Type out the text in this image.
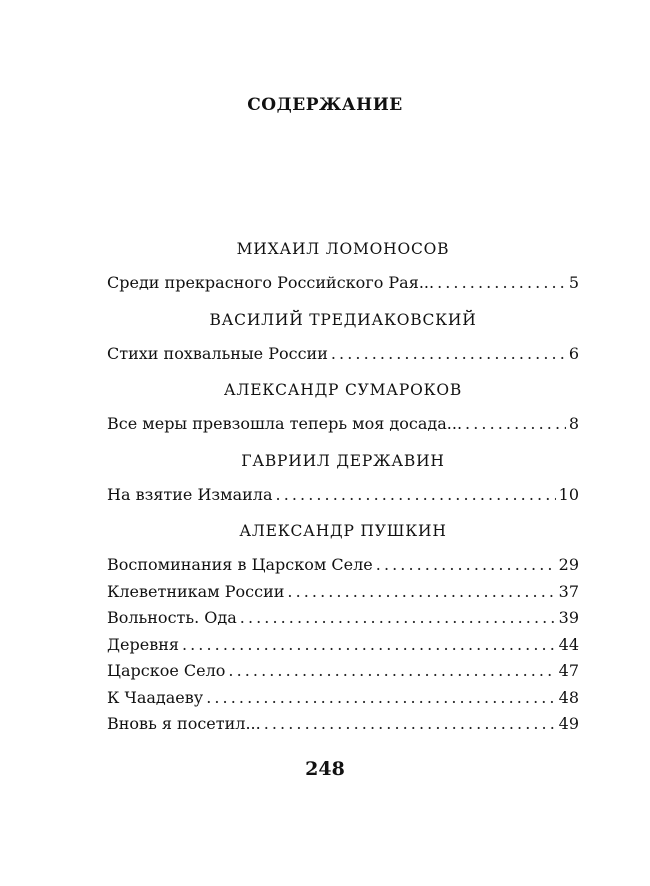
СОДЕРЖАНИЕ
МИХАИЛ ЛОМОНОСОВ
Среди прекрасного Российского Рая... . . .	5
ВАСИЛИЙ ТРЕДИАКОВСКИЙ
Стихи похвальные России . . .	6
АЛЕКСАНДР СУМАРОКОВ
Все меры превзошла теперь моя досада... . . .	8
ГАВРИИЛ ДЕРЖАВИН
На взятие Измаила . . .	10
АЛЕКСАНДР ПУШКИН
Воспоминания в Царском Селе . . .	29
Клеветникам России . . .	37
Вольность. Ода . . .	39
Деревня . . .	44
Царское Село . . .	47
К Чаадаеву . . .	48
Вновь я посетил... . . .	49
248
